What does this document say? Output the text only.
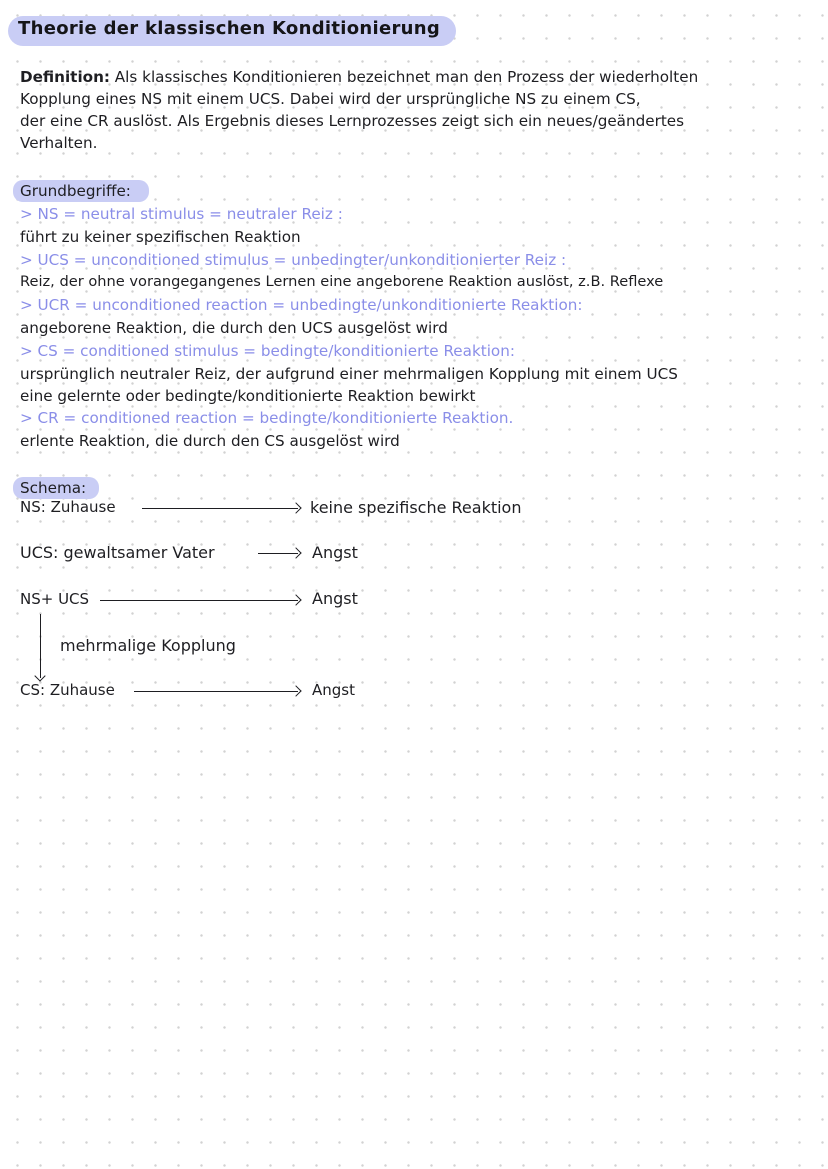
Theorie der klassischen Konditionierung
Definition: Als klassisches Konditionieren bezeichnet man den Prozess der wiederholten
Kopplung eines NS mit einem UCS. Dabei wird der ursprüngliche NS zu einem CS,
der eine CR auslöst. Als Ergebnis dieses Lernprozesses zeigt sich ein neues/geändertes
Verhalten.
Grundbegriffe:
> NS = neutral stimulus = neutraler Reiz :
führt zu keiner spezifischen Reaktion
> UCS = unconditioned stimulus = unbedingter/unkonditionierter Reiz :
Reiz, der ohne vorangegangenes Lernen eine angeborene Reaktion auslöst, z.B. Reflexe
> UCR = unconditioned reaction = unbedingte/unkonditionierte Reaktion:
angeborene Reaktion, die durch den UCS ausgelöst wird
> CS = conditioned stimulus = bedingte/konditionierte Reaktion:
ursprünglich neutraler Reiz, der aufgrund einer mehrmaligen Kopplung mit einem UCS
eine gelernte oder bedingte/konditionierte Reaktion bewirkt
> CR = conditioned reaction = bedingte/konditionierte Reaktion.
erlente Reaktion, die durch den CS ausgelöst wird
Schema:
NS: Zuhause	keine spezifische Reaktion
UCS: gewaltsamer Vater	Angst
NS+ UCS	Angst
mehrmalige Kopplung
CS: Zuhause	Angst
